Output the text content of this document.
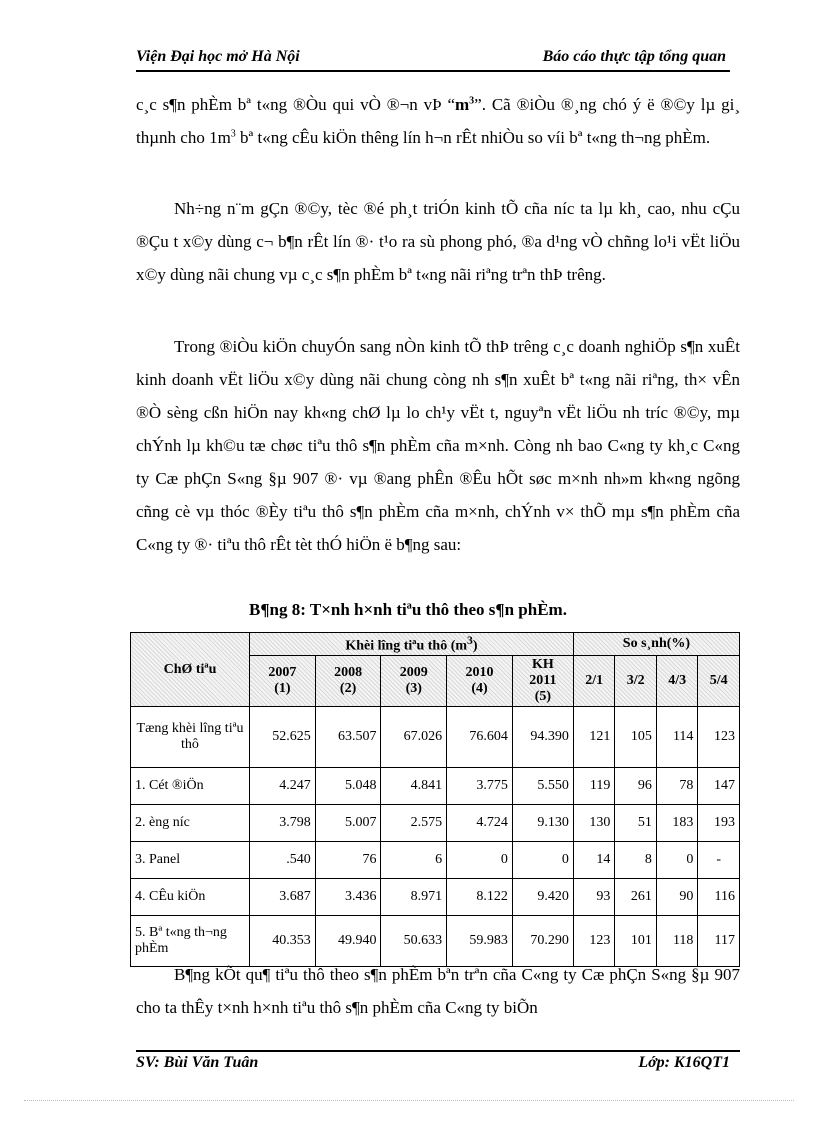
Viện Đại học mở Hà Nội	Báo cáo thực tập tổng quan

c¸c s¶n phÈm bª t«ng ®Òu qui vÒ ®¬n vÞ “$m^3$”. Cã ®iÒu ®¸ng chó ý ë ®©y lµ gi¸ thµnh cho $1m^3$ bª t«ng cÊu kiÖn thêng lín h¬n rÊt nhiÒu so víi bª t«ng th¬ng phÈm.

Nh÷ng n¨m gÇn ®©y, tèc ®é ph¸t triÓn kinh tÕ cña níc ta lµ kh¸ cao, nhu cÇu ®Çu t x©y dùng c¬ b¶n rÊt lín ®· t¹o ra sù phong phó, ®a d¹ng vÒ chñng lo¹i vËt liÖu x©y dùng nãi chung vµ c¸c s¶n phÈm bª t«ng nãi riªng trªn thÞ trêng.

Trong ®iÒu kiÖn chuyÓn sang nÒn kinh tÕ thÞ trêng c¸c doanh nghiÖp s¶n xuÊt kinh doanh vËt liÖu x©y dùng nãi chung còng nh s¶n xuÊt bª t«ng nãi riªng, th× vÊn ®Ò sèng cßn hiÖn nay kh«ng chØ lµ lo ch¹y vËt t, nguyªn vËt liÖu nh tríc ®©y, mµ chÝnh lµ kh©u tæ chøc tiªu thô s¶n phÈm cña m×nh. Còng nh bao C«ng ty kh¸c C«ng ty Cæ phÇn S«ng §µ 907 ®· vµ ®ang phÊn ®Êu hÕt søc m×nh nh»m kh«ng ngõng cñng cè vµ thóc ®Èy tiªu thô s¶n phÈm cña m×nh, chÝnh v× thÕ mµ s¶n phÈm cña C«ng ty ®· tiªu thô rÊt tèt thÓ hiÖn ë b¶ng sau:

B¶ng 8: T×nh h×nh tiªu thô theo s¶n phÈm.
ChØ tiªu	Khèi lîng tiªu thô $(m^3)$					So s¸nh(%)			
	2007
(1)	2008
(2)	2009
(3)	2010
(4)	KH 2011
(5)	2/1	3/2	4/3	5/4
Tæng khèi lîng tiªu thô	52.625	63.507	67.026	76.604	94.390	121	105	114	123
1. Cét ®iÖn	4.247	5.048	4.841	3.775	5.550	119	96	78	147
2. èng níc	3.798	5.007	2.575	4.724	9.130	130	51	183	193
3. Panel	.540	76	6	0	0	14	8	0	-
4. CÊu kiÖn	3.687	3.436	8.971	8.122	9.420	93	261	90	116
5. Bª t«ng th¬ng phÈm	40.353	49.940	50.633	59.983	70.290	123	101	118	117

B¶ng kÕt qu¶ tiªu thô theo s¶n phÈm bªn trªn cña C«ng ty Cæ phÇn S«ng §µ 907 cho ta thÊy t×nh h×nh tiªu thô s¶n phÈm cña C«ng ty biÕn

SV: Bùi Văn Tuân	Lớp: K16QT1
